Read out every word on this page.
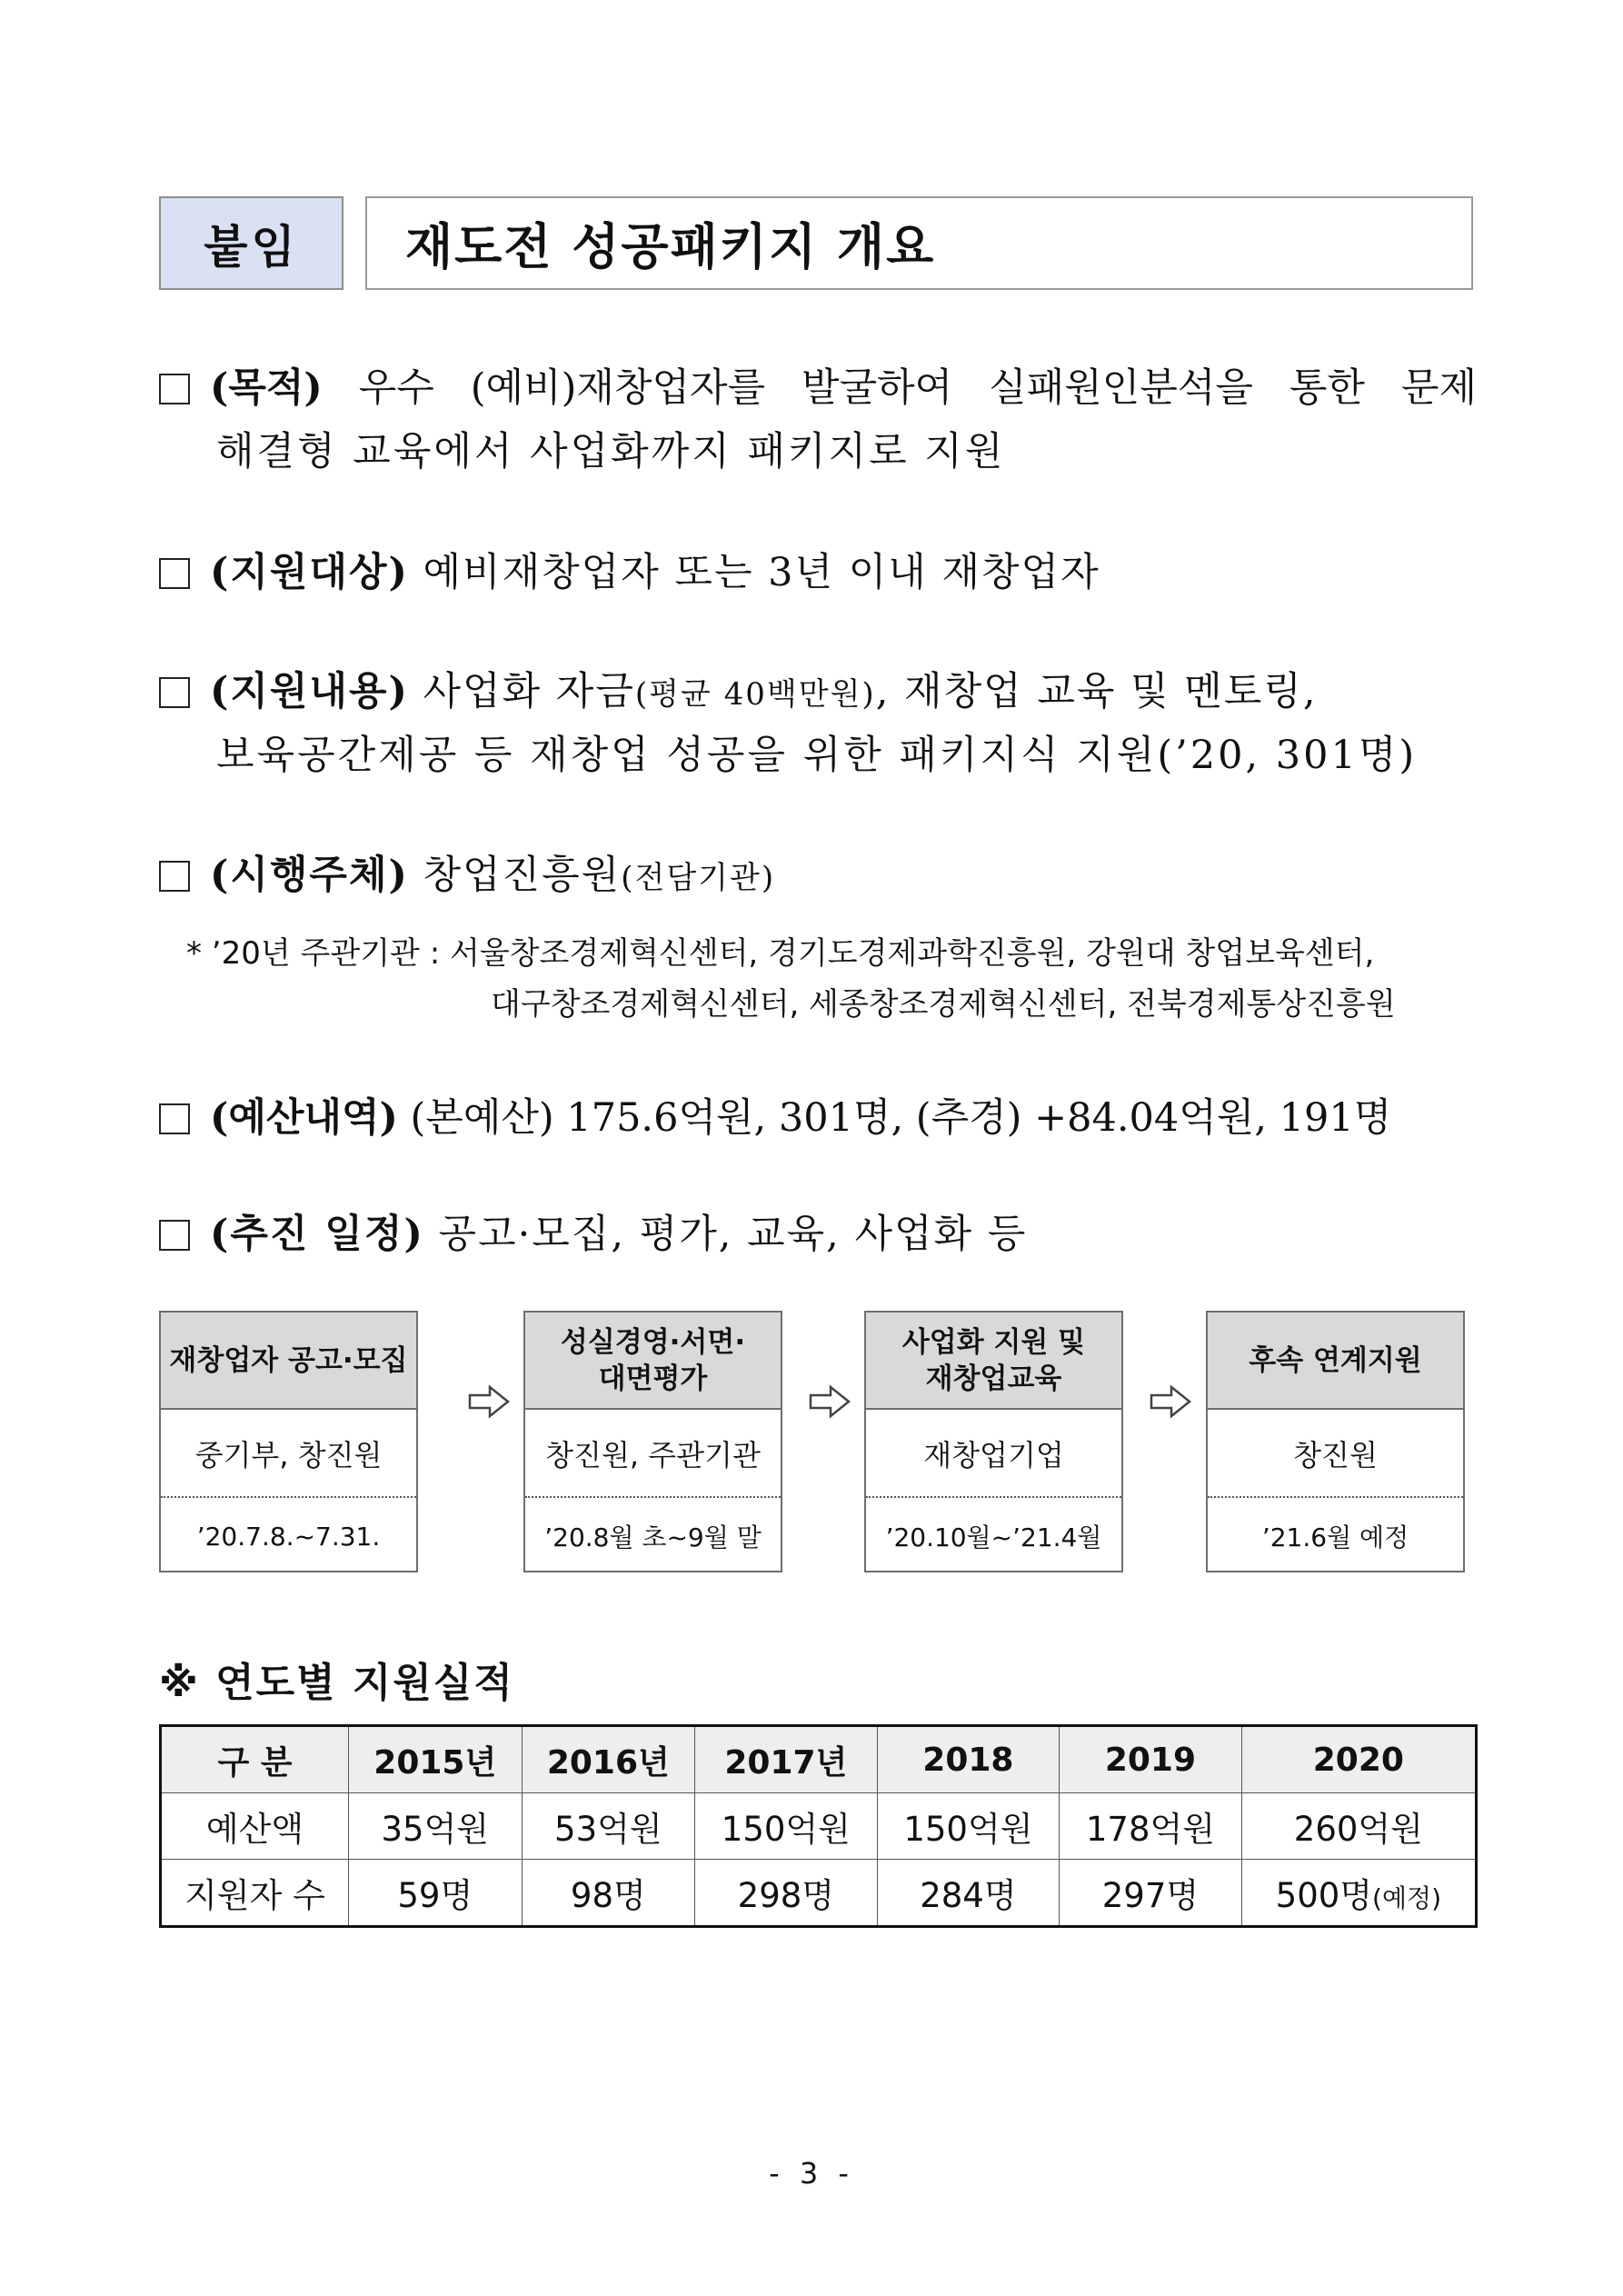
붙임	재도전 성공패키지 개요
(목적) 우수 (예비)재창업자를 발굴하여 실패원인분석을 통한 문제
해결형 교육에서 사업화까지 패키지로 지원
(지원대상) 예비재창업자 또는 3년 이내 재창업자
(지원내용) 사업화 자금(평균 40백만원), 재창업 교육 및 멘토링,
보육공간제공 등 재창업 성공을 위한 패키지식 지원(’20, 301명)
(시행주체) 창업진흥원(전담기관)
* ’20년 주관기관 : 서울창조경제혁신센터, 경기도경제과학진흥원, 강원대 창업보육센터,
대구창조경제혁신센터, 세종창조경제혁신센터, 전북경제통상진흥원
(예산내역) (본예산) 175.6억원, 301명, (추경) +84.04억원, 191명
(추진 일정) 공고·모집, 평가, 교육, 사업화 등
재창업자 공고·모집
중기부, 창진원
’20.7.8.~7.31.
성실경영·서면·
대면평가
창진원, 주관기관
’20.8월 초~9월 말
사업화 지원 및
재창업교육
재창업기업
’20.10월~’21.4월
후속 연계지원
창진원
’21.6월 예정
※ 연도별 지원실적
구 분	2015년	2016년	2017년	2018	2019	2020
예산액	35억원	53억원	150억원	150억원	178억원	260억원
지원자 수	59명	98명	298명	284명	297명	500명(예정)
- 3 -
